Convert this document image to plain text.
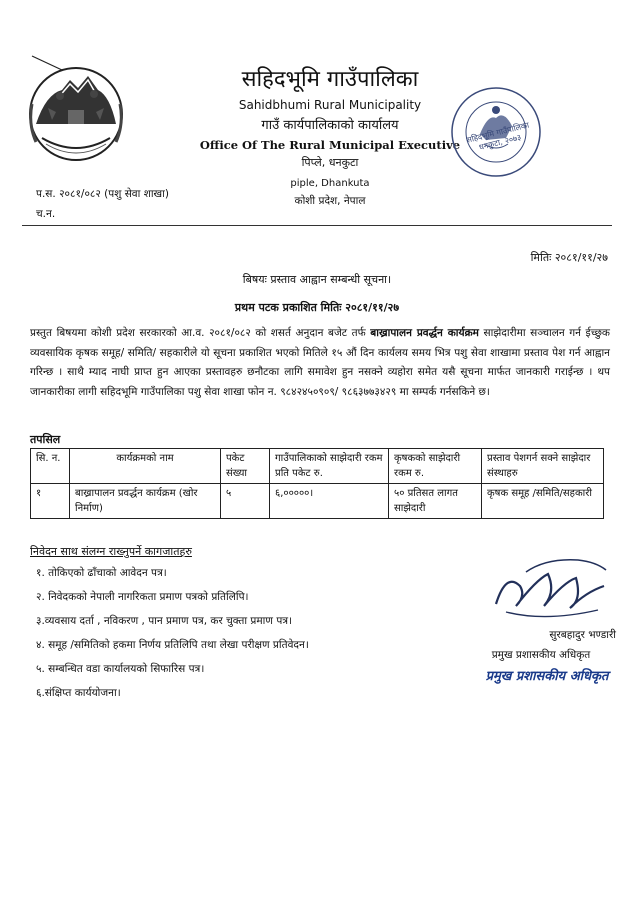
सहिदभूमि गाउँपालिका
Sahidbhumi Rural Municipality
गाउँ कार्यपालिकाको कार्यालय
Office Of The Rural Municipal Executive
पिप्ले, धनकुटा
piple, Dhankuta
कोशी प्रदेश, नेपाल
सहिदभूमि गाउँपालिका धनकुटा, २०७३
प.स. २०८१/०८२ (पशु सेवा शाखा)
च.न.
मितिः २०८१/११/२७
बिषयः प्रस्ताव आह्वान सम्बन्धी सूचना।
प्रथम पटक प्रकाशित मितिः २०८१/११/२७
प्रस्तुत बिषयमा कोशी प्रदेश सरकारको आ.व. २०८१/०८२ को शसर्त अनुदान बजेट तर्फ बाख्रापालन प्रवर्द्धन कार्यक्रम साझेदारीमा सञ्चालन गर्न ईच्छुक व्यवसायिक कृषक समूह/ समिति/ सहकारीले यो सूचना प्रकाशित भएको मितिले १५ औं दिन कार्यलय समय भित्र पशु सेवा शाखामा प्रस्ताव पेश गर्न आह्वान गरिन्छ । साथै म्याद नाघी प्राप्त हुन आएका प्रस्तावहरु छनौटका लागि समावेश हुन नसक्ने व्यहोरा समेत यसै सूचना मार्फत जानकारी गराईन्छ । थप जानकारीका लागी सहिदभूमि गाउँपालिका पशु सेवा शाखा फोन न. ९८४२४५०९०९/ ९८६३७७३४२९ मा सम्पर्क गर्नसकिने छ।
तपसिल
सि. न.	कार्यक्रमको नाम	पकेट संख्या	गाउँपालिकाको साझेदारी रकम प्रति पकेट रु.	कृषकको साझेदारी रकम रु.	प्रस्ताव पेशगर्न सक्ने साझेदार संस्थाहरु
१	बाख्रापालन प्रवर्द्धन कार्यक्रम (खोर निर्माण)	५	६,०००००।	५० प्रतिसत लागत साझेदारी	कृषक समूह /समिति/सहकारी
निवेदन साथ संलग्न राख्नुपर्ने कागजातहरु
१. तोकिएको ढाँचाको आवेदन पत्र।
२. निवेदकको नेपाली नागरिकता प्रमाण पत्रको प्रतिलिपि।
३.व्यवसाय दर्ता , नविकरण , पान प्रमाण पत्र, कर चुक्ता प्रमाण पत्र।
४. समूह /समितिको हकमा निर्णय प्रतिलिपि तथा लेखा परीक्षण प्रतिवेदन।
५. सम्बन्धित वडा कार्यालयको सिफारिस पत्र।
६.संक्षिप्त कार्ययोजना।
सुरबहादुर भण्डारी
प्रमुख प्रशासकीय अधिकृत
प्रमुख प्रशासकीय अधिकृत
